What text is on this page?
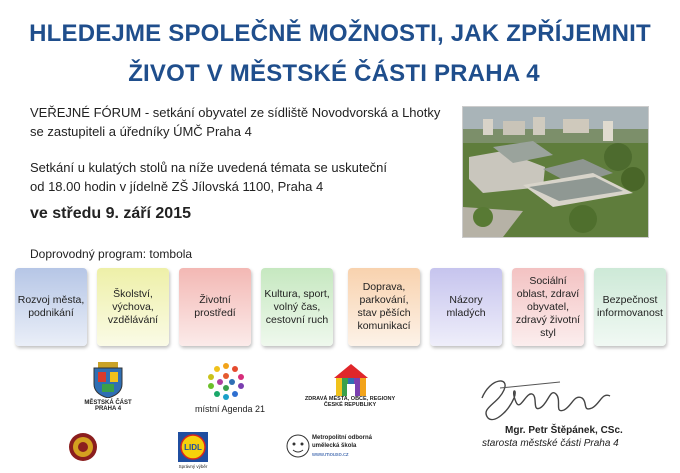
HLEDEJME SPOLEČNĚ MOŽNOSTI, JAK ZPŘÍJEMNIT
ŽIVOT V MĚSTSKÉ ČÁSTI PRAHA 4
VEŘEJNÉ FÓRUM - setkání obyvatel ze sídliště Novodvorská a Lhotky
se zastupiteli a úředníky ÚMČ Praha 4
Setkání u kulatých stolů na níže uvedená témata se uskuteční
od 18.00 hodin v jídelně ZŠ Jílovská 1100, Praha 4
ve středu 9. září 2015
Doprovodný program: tombola
Rozvoj města, podnikání
Školství, výchova, vzdělávání
Životní prostředí
Kultura, sport, volný čas, cestovní ruch
Doprava, parkování, stav pěších komunikací
Názory mladých
Sociální oblast, zdraví obyvatel, zdravý životní styl
Bezpečnost informovanost
MĚSTSKÁ ČÁST PRAHA 4	místní Agenda 21
ZDRAVÁ MĚSTA, OBCE, REGIONY ČESKÉ REPUBLIKY
LIDL
Správný výběr
Metropolitní odborná umělecká škola
www.mouso.cz
Mgr. Petr Štěpánek, CSc.
starosta městské části Praha 4
